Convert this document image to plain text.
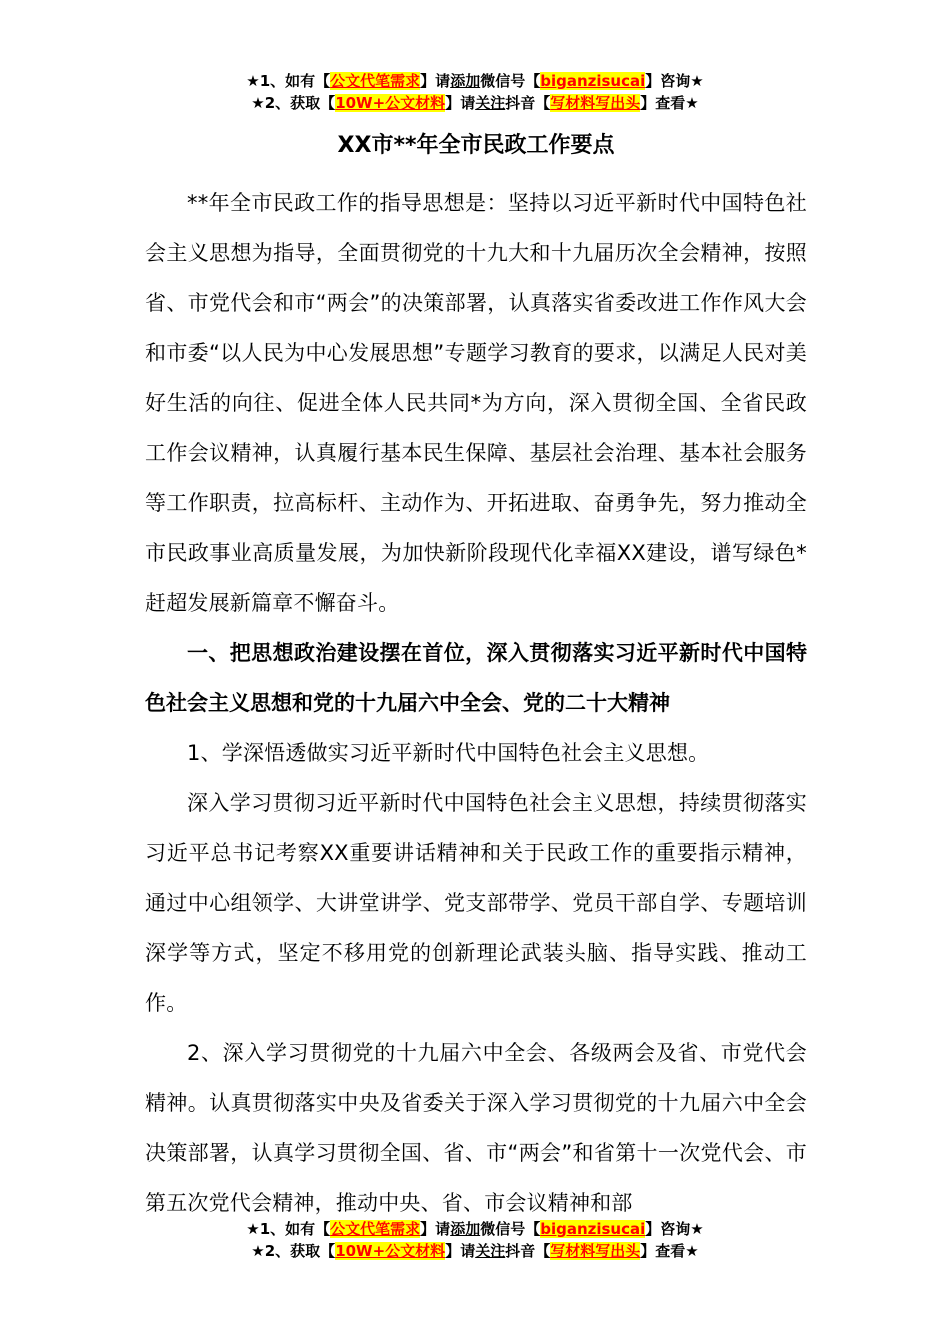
★1、如有【公文代笔需求】请添加微信号【biganzisucai】咨询★
★2、获取【10W+公文材料】请关注抖音【写材料写出头】查看★
XX市**年全市民政工作要点

**年全市民政工作的指导思想是：坚持以习近平新时代中国特色社会主义思想为指导，全面贯彻党的十九大和十九届历次全会精神，按照省、市党代会和市“两会”的决策部署，认真落实省委改进工作作风大会和市委“以人民为中心发展思想”专题学习教育的要求，以满足人民对美好生活的向往、促进全体人民共同*为方向，深入贯彻全国、全省民政工作会议精神，认真履行基本民生保障、基层社会治理、基本社会服务等工作职责，拉高标杆、主动作为、开拓进取、奋勇争先，努力推动全市民政事业高质量发展，为加快新阶段现代化幸福XX建设，谱写绿色*赶超发展新篇章不懈奋斗。

一、把思想政治建设摆在首位，深入贯彻落实习近平新时代中国特色社会主义思想和党的十九届六中全会、党的二十大精神

1、学深悟透做实习近平新时代中国特色社会主义思想。

深入学习贯彻习近平新时代中国特色社会主义思想，持续贯彻落实习近平总书记考察XX重要讲话精神和关于民政工作的重要指示精神，通过中心组领学、大讲堂讲学、党支部带学、党员干部自学、专题培训深学等方式，坚定不移用党的创新理论武装头脑、指导实践、推动工作。

2、深入学习贯彻党的十九届六中全会、各级两会及省、市党代会精神。认真贯彻落实中央及省委关于深入学习贯彻党的十九届六中全会决策部署，认真学习贯彻全国、省、市“两会”和省第十一次党代会、市第五次党代会精神，推动中央、省、市会议精神和部

★1、如有【公文代笔需求】请添加微信号【biganzisucai】咨询★
★2、获取【10W+公文材料】请关注抖音【写材料写出头】查看★
